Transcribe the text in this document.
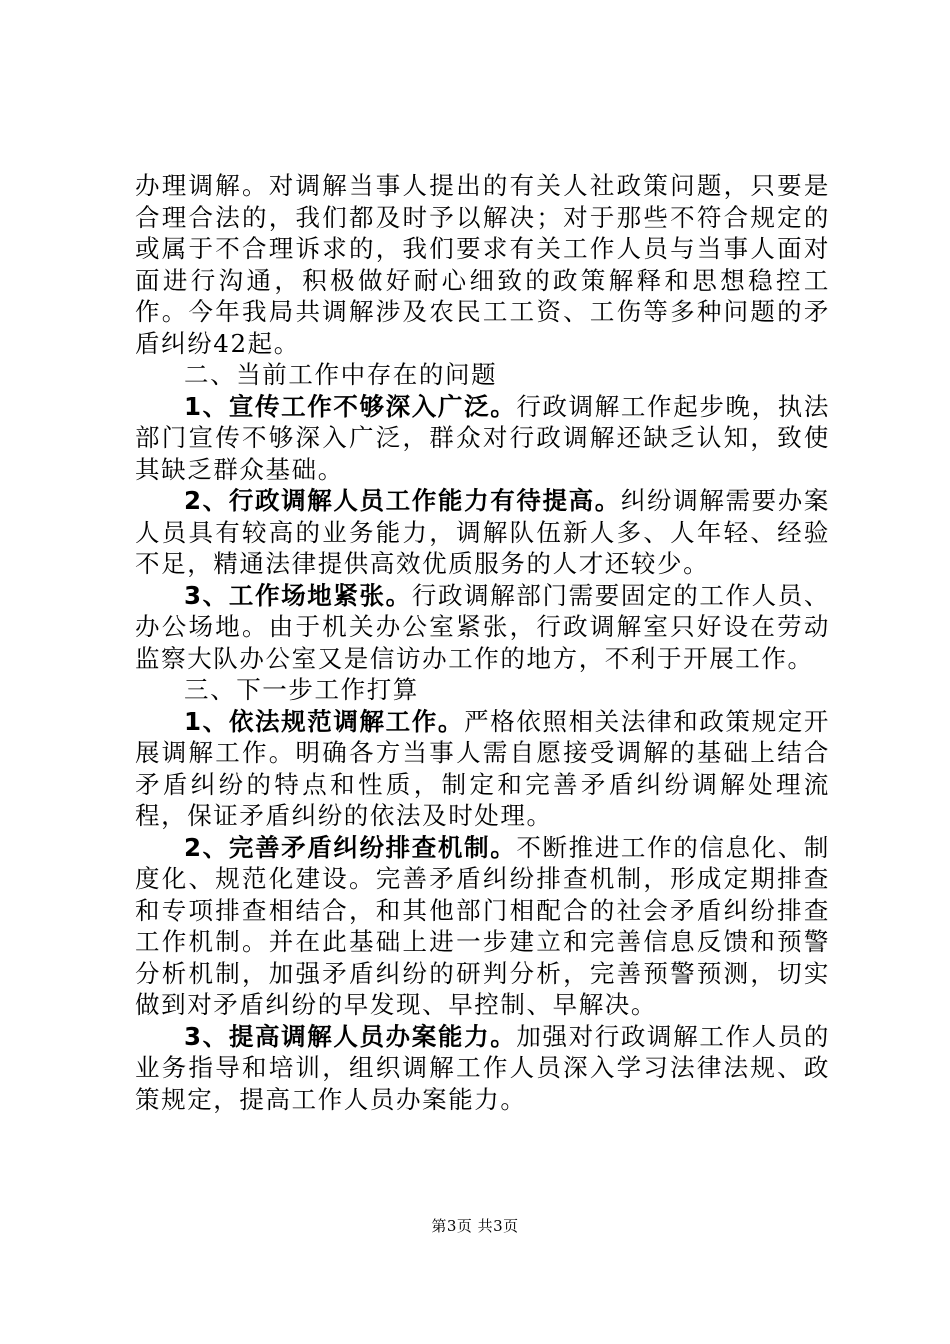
办理调解。对调解当事人提出的有关人社政策问题，只要是合理合法的，我们都及时予以解决；对于那些不符合规定的或属于不合理诉求的，我们要求有关工作人员与当事人面对面进行沟通，积极做好耐心细致的政策解释和思想稳控工作。今年我局共调解涉及农民工工资、工伤等多种问题的矛盾纠纷42起。

二、当前工作中存在的问题

1、宣传工作不够深入广泛。行政调解工作起步晚，执法部门宣传不够深入广泛，群众对行政调解还缺乏认知，致使其缺乏群众基础。

2、行政调解人员工作能力有待提高。纠纷调解需要办案人员具有较高的业务能力，调解队伍新人多、人年轻、经验不足，精通法律提供高效优质服务的人才还较少。

3、工作场地紧张。行政调解部门需要固定的工作人员、办公场地。由于机关办公室紧张，行政调解室只好设在劳动监察大队办公室又是信访办工作的地方，不利于开展工作。

三、下一步工作打算

1、依法规范调解工作。严格依照相关法律和政策规定开展调解工作。明确各方当事人需自愿接受调解的基础上结合矛盾纠纷的特点和性质，制定和完善矛盾纠纷调解处理流程，保证矛盾纠纷的依法及时处理。

2、完善矛盾纠纷排查机制。不断推进工作的信息化、制度化、规范化建设。完善矛盾纠纷排查机制，形成定期排查和专项排查相结合，和其他部门相配合的社会矛盾纠纷排查工作机制。并在此基础上进一步建立和完善信息反馈和预警分析机制，加强矛盾纠纷的研判分析，完善预警预测，切实做到对矛盾纠纷的早发现、早控制、早解决。

3、提高调解人员办案能力。加强对行政调解工作人员的业务指导和培训，组织调解工作人员深入学习法律法规、政策规定，提高工作人员办案能力。

第3页 共3页
